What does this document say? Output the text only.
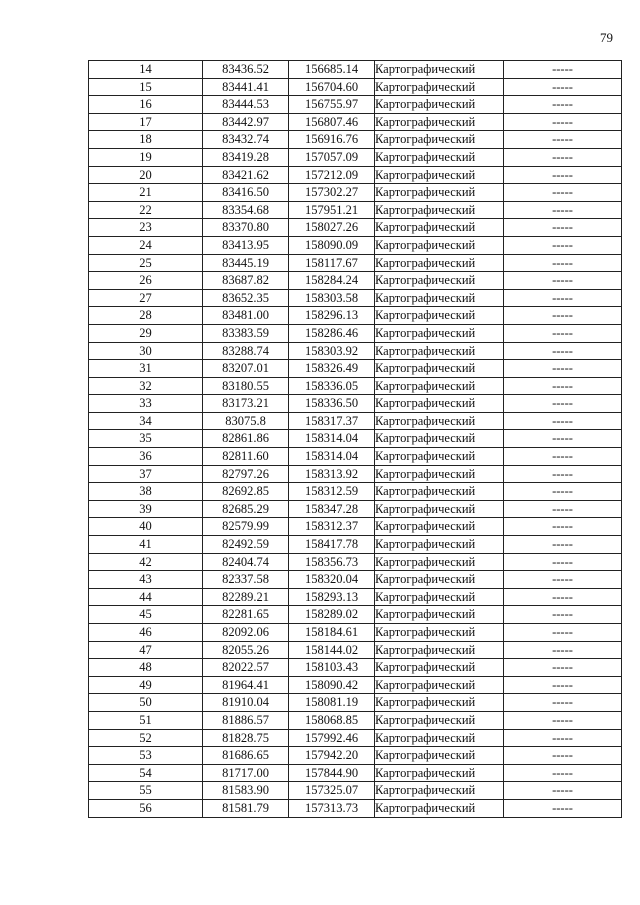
79
14	83436.52	156685.14	Картографический	-----
15	83441.41	156704.60	Картографический	-----
16	83444.53	156755.97	Картографический	-----
17	83442.97	156807.46	Картографический	-----
18	83432.74	156916.76	Картографический	-----
19	83419.28	157057.09	Картографический	-----
20	83421.62	157212.09	Картографический	-----
21	83416.50	157302.27	Картографический	-----
22	83354.68	157951.21	Картографический	-----
23	83370.80	158027.26	Картографический	-----
24	83413.95	158090.09	Картографический	-----
25	83445.19	158117.67	Картографический	-----
26	83687.82	158284.24	Картографический	-----
27	83652.35	158303.58	Картографический	-----
28	83481.00	158296.13	Картографический	-----
29	83383.59	158286.46	Картографический	-----
30	83288.74	158303.92	Картографический	-----
31	83207.01	158326.49	Картографический	-----
32	83180.55	158336.05	Картографический	-----
33	83173.21	158336.50	Картографический	-----
34	83075.8	158317.37	Картографический	-----
35	82861.86	158314.04	Картографический	-----
36	82811.60	158314.04	Картографический	-----
37	82797.26	158313.92	Картографический	-----
38	82692.85	158312.59	Картографический	-----
39	82685.29	158347.28	Картографический	-----
40	82579.99	158312.37	Картографический	-----
41	82492.59	158417.78	Картографический	-----
42	82404.74	158356.73	Картографический	-----
43	82337.58	158320.04	Картографический	-----
44	82289.21	158293.13	Картографический	-----
45	82281.65	158289.02	Картографический	-----
46	82092.06	158184.61	Картографический	-----
47	82055.26	158144.02	Картографический	-----
48	82022.57	158103.43	Картографический	-----
49	81964.41	158090.42	Картографический	-----
50	81910.04	158081.19	Картографический	-----
51	81886.57	158068.85	Картографический	-----
52	81828.75	157992.46	Картографический	-----
53	81686.65	157942.20	Картографический	-----
54	81717.00	157844.90	Картографический	-----
55	81583.90	157325.07	Картографический	-----
56	81581.79	157313.73	Картографический	-----
